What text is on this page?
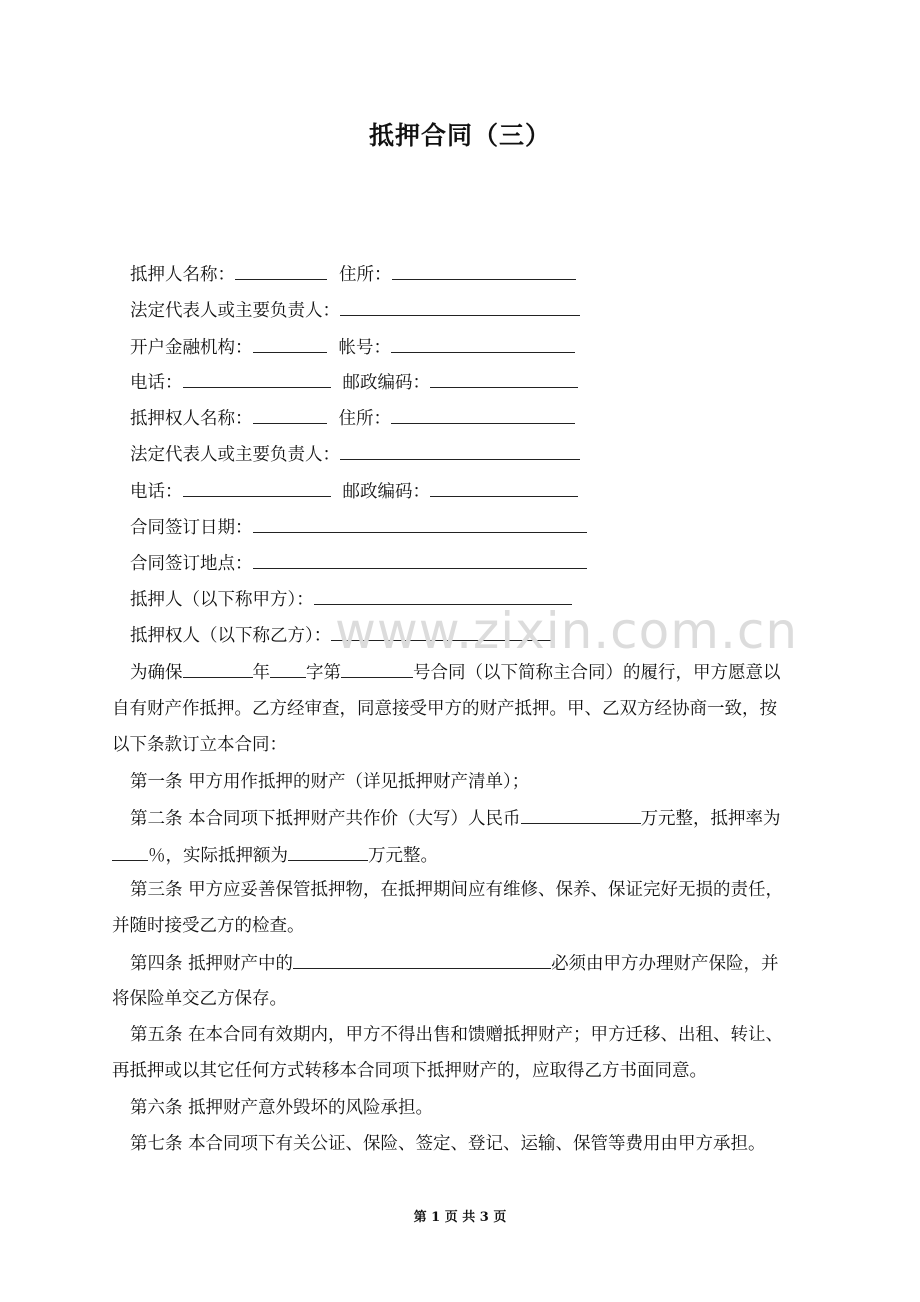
抵押合同（三）
抵押人名称：	住所：
法定代表人或主要负责人：
开户金融机构：	帐号：
电话：	邮政编码：
抵押权人名称：	住所：
法定代表人或主要负责人：
电话：	邮政编码：
合同签订日期：
合同签订地点：
抵押人（以下称甲方）：
抵押权人（以下称乙方）：
为确保	年 字第	号合同（以下简称主合同）的履行，甲方愿意以
自有财产作抵押。乙方经审查，同意接受甲方的财产抵押。甲、乙双方经协商一致，按
以下条款订立本合同：
第一条 甲方用作抵押的财产（详见抵押财产清单）；
第二条 本合同项下抵押财产共作价（大写）人民币	万元整，抵押率为
％，实际抵押额为	万元整。
第三条 甲方应妥善保管抵押物，在抵押期间应有维修、保养、保证完好无损的责任，
并随时接受乙方的检查。
第四条 抵押财产中的	必须由甲方办理财产保险，并
将保险单交乙方保存。
第五条 在本合同有效期内，甲方不得出售和馈赠抵押财产；甲方迁移、出租、转让、
再抵押或以其它任何方式转移本合同项下抵押财产的，应取得乙方书面同意。
第六条 抵押财产意外毁坏的风险承担。
第七条 本合同项下有关公证、保险、签定、登记、运输、保管等费用由甲方承担。
www.zixin.com.cn
第 1 页 共 3 页
